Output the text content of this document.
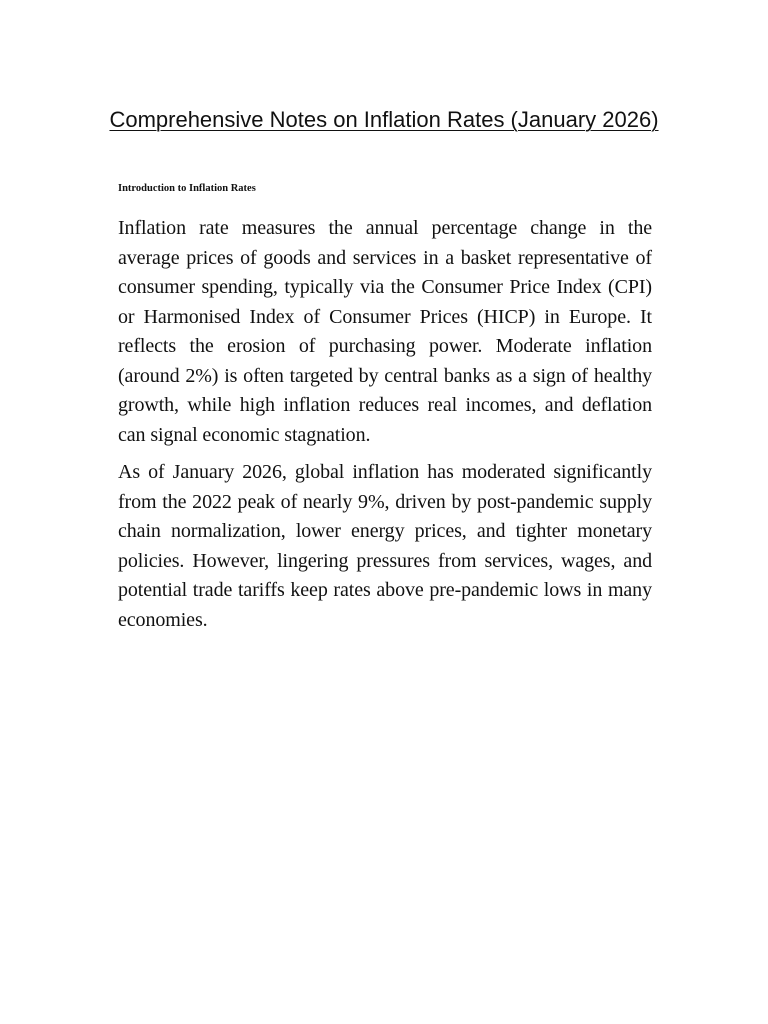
Comprehensive Notes on Inflation Rates (January 2026)
Introduction to Inflation Rates

Inflation rate measures the annual percentage change in the average prices of goods and services in a basket representative of consumer spending, typically via the Consumer Price Index (CPI) or Harmonised Index of Consumer Prices (HICP) in Europe. It reflects the erosion of purchasing power. Moderate inflation (around 2%) is often targeted by central banks as a sign of healthy growth, while high inflation reduces real incomes, and deflation can signal economic stagnation.

As of January 2026, global inflation has moderated significantly from the 2022 peak of nearly 9%, driven by post-pandemic supply chain normalization, lower energy prices, and tighter monetary policies. However, lingering pressures from services, wages, and potential trade tariffs keep rates above pre-pandemic lows in many economies.
